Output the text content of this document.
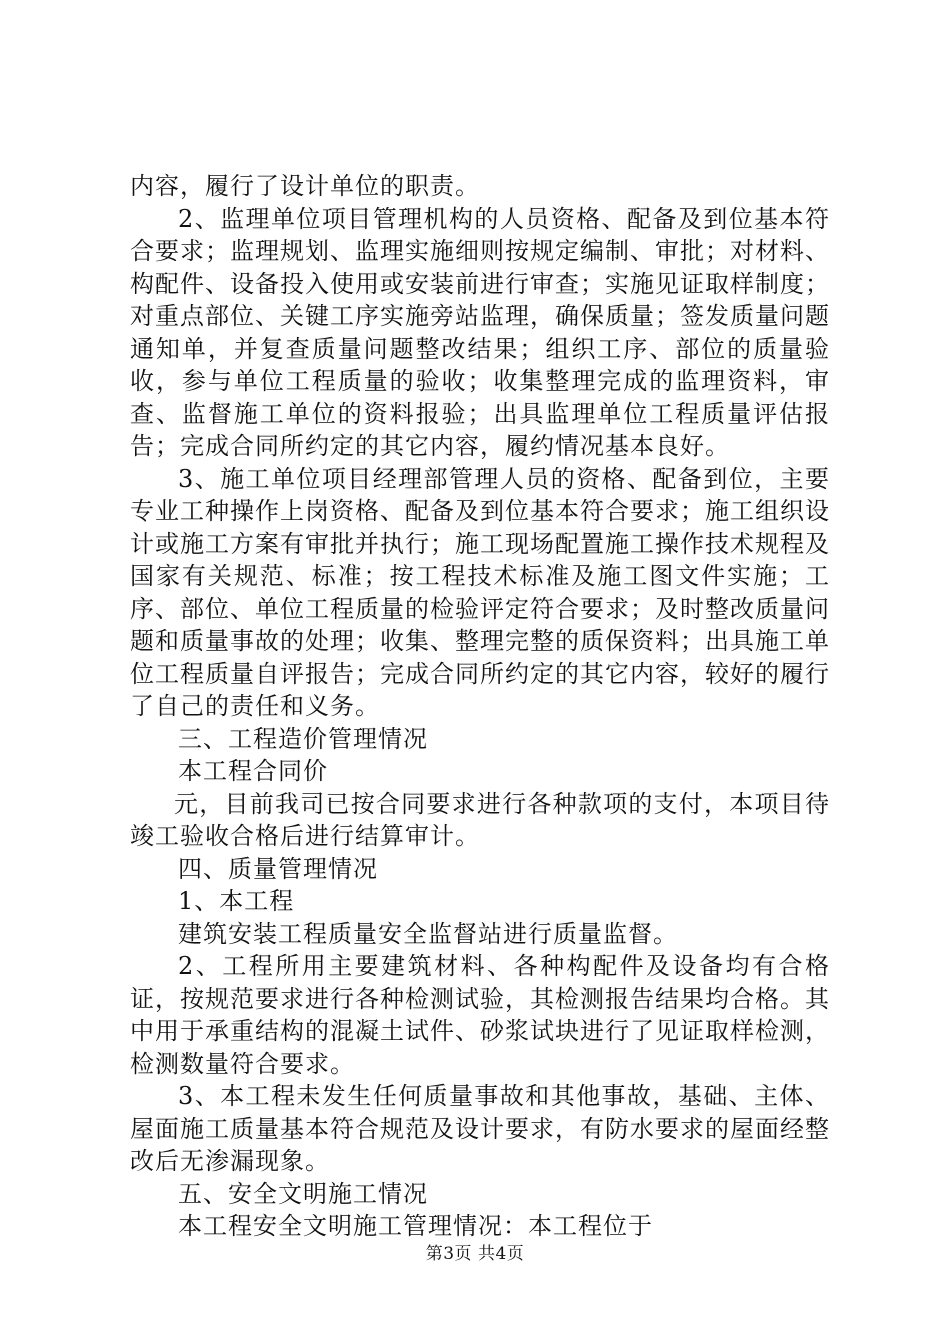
内容，履行了设计单位的职责。

2、监理单位项目管理机构的人员资格、配备及到位基本符合要求；监理规划、监理实施细则按规定编制、审批；对材料、构配件、设备投入使用或安装前进行审查；实施见证取样制度；对重点部位、关键工序实施旁站监理，确保质量；签发质量问题通知单，并复查质量问题整改结果；组织工序、部位的质量验收，参与单位工程质量的验收；收集整理完成的监理资料，审查、监督施工单位的资料报验；出具监理单位工程质量评估报告；完成合同所约定的其它内容，履约情况基本良好。

3、施工单位项目经理部管理人员的资格、配备到位，主要专业工种操作上岗资格、配备及到位基本符合要求；施工组织设计或施工方案有审批并执行；施工现场配置施工操作技术规程及国家有关规范、标准；按工程技术标准及施工图文件实施；工序、部位、单位工程质量的检验评定符合要求；及时整改质量问题和质量事故的处理；收集、整理完整的质保资料；出具施工单位工程质量自评报告；完成合同所约定的其它内容，较好的履行了自己的责任和义务。

三、工程造价管理情况

本工程合同价

元，目前我司已按合同要求进行各种款项的支付，本项目待竣工验收合格后进行结算审计。

四、质量管理情况

1、本工程

建筑安装工程质量安全监督站进行质量监督。

2、工程所用主要建筑材料、各种构配件及设备均有合格证，按规范要求进行各种检测试验，其检测报告结果均合格。其中用于承重结构的混凝土试件、砂浆试块进行了见证取样检测，检测数量符合要求。

3、本工程未发生任何质量事故和其他事故，基础、主体、屋面施工质量基本符合规范及设计要求，有防水要求的屋面经整改后无渗漏现象。

五、安全文明施工情况

本工程安全文明施工管理情况：本工程位于

第3页 共4页
